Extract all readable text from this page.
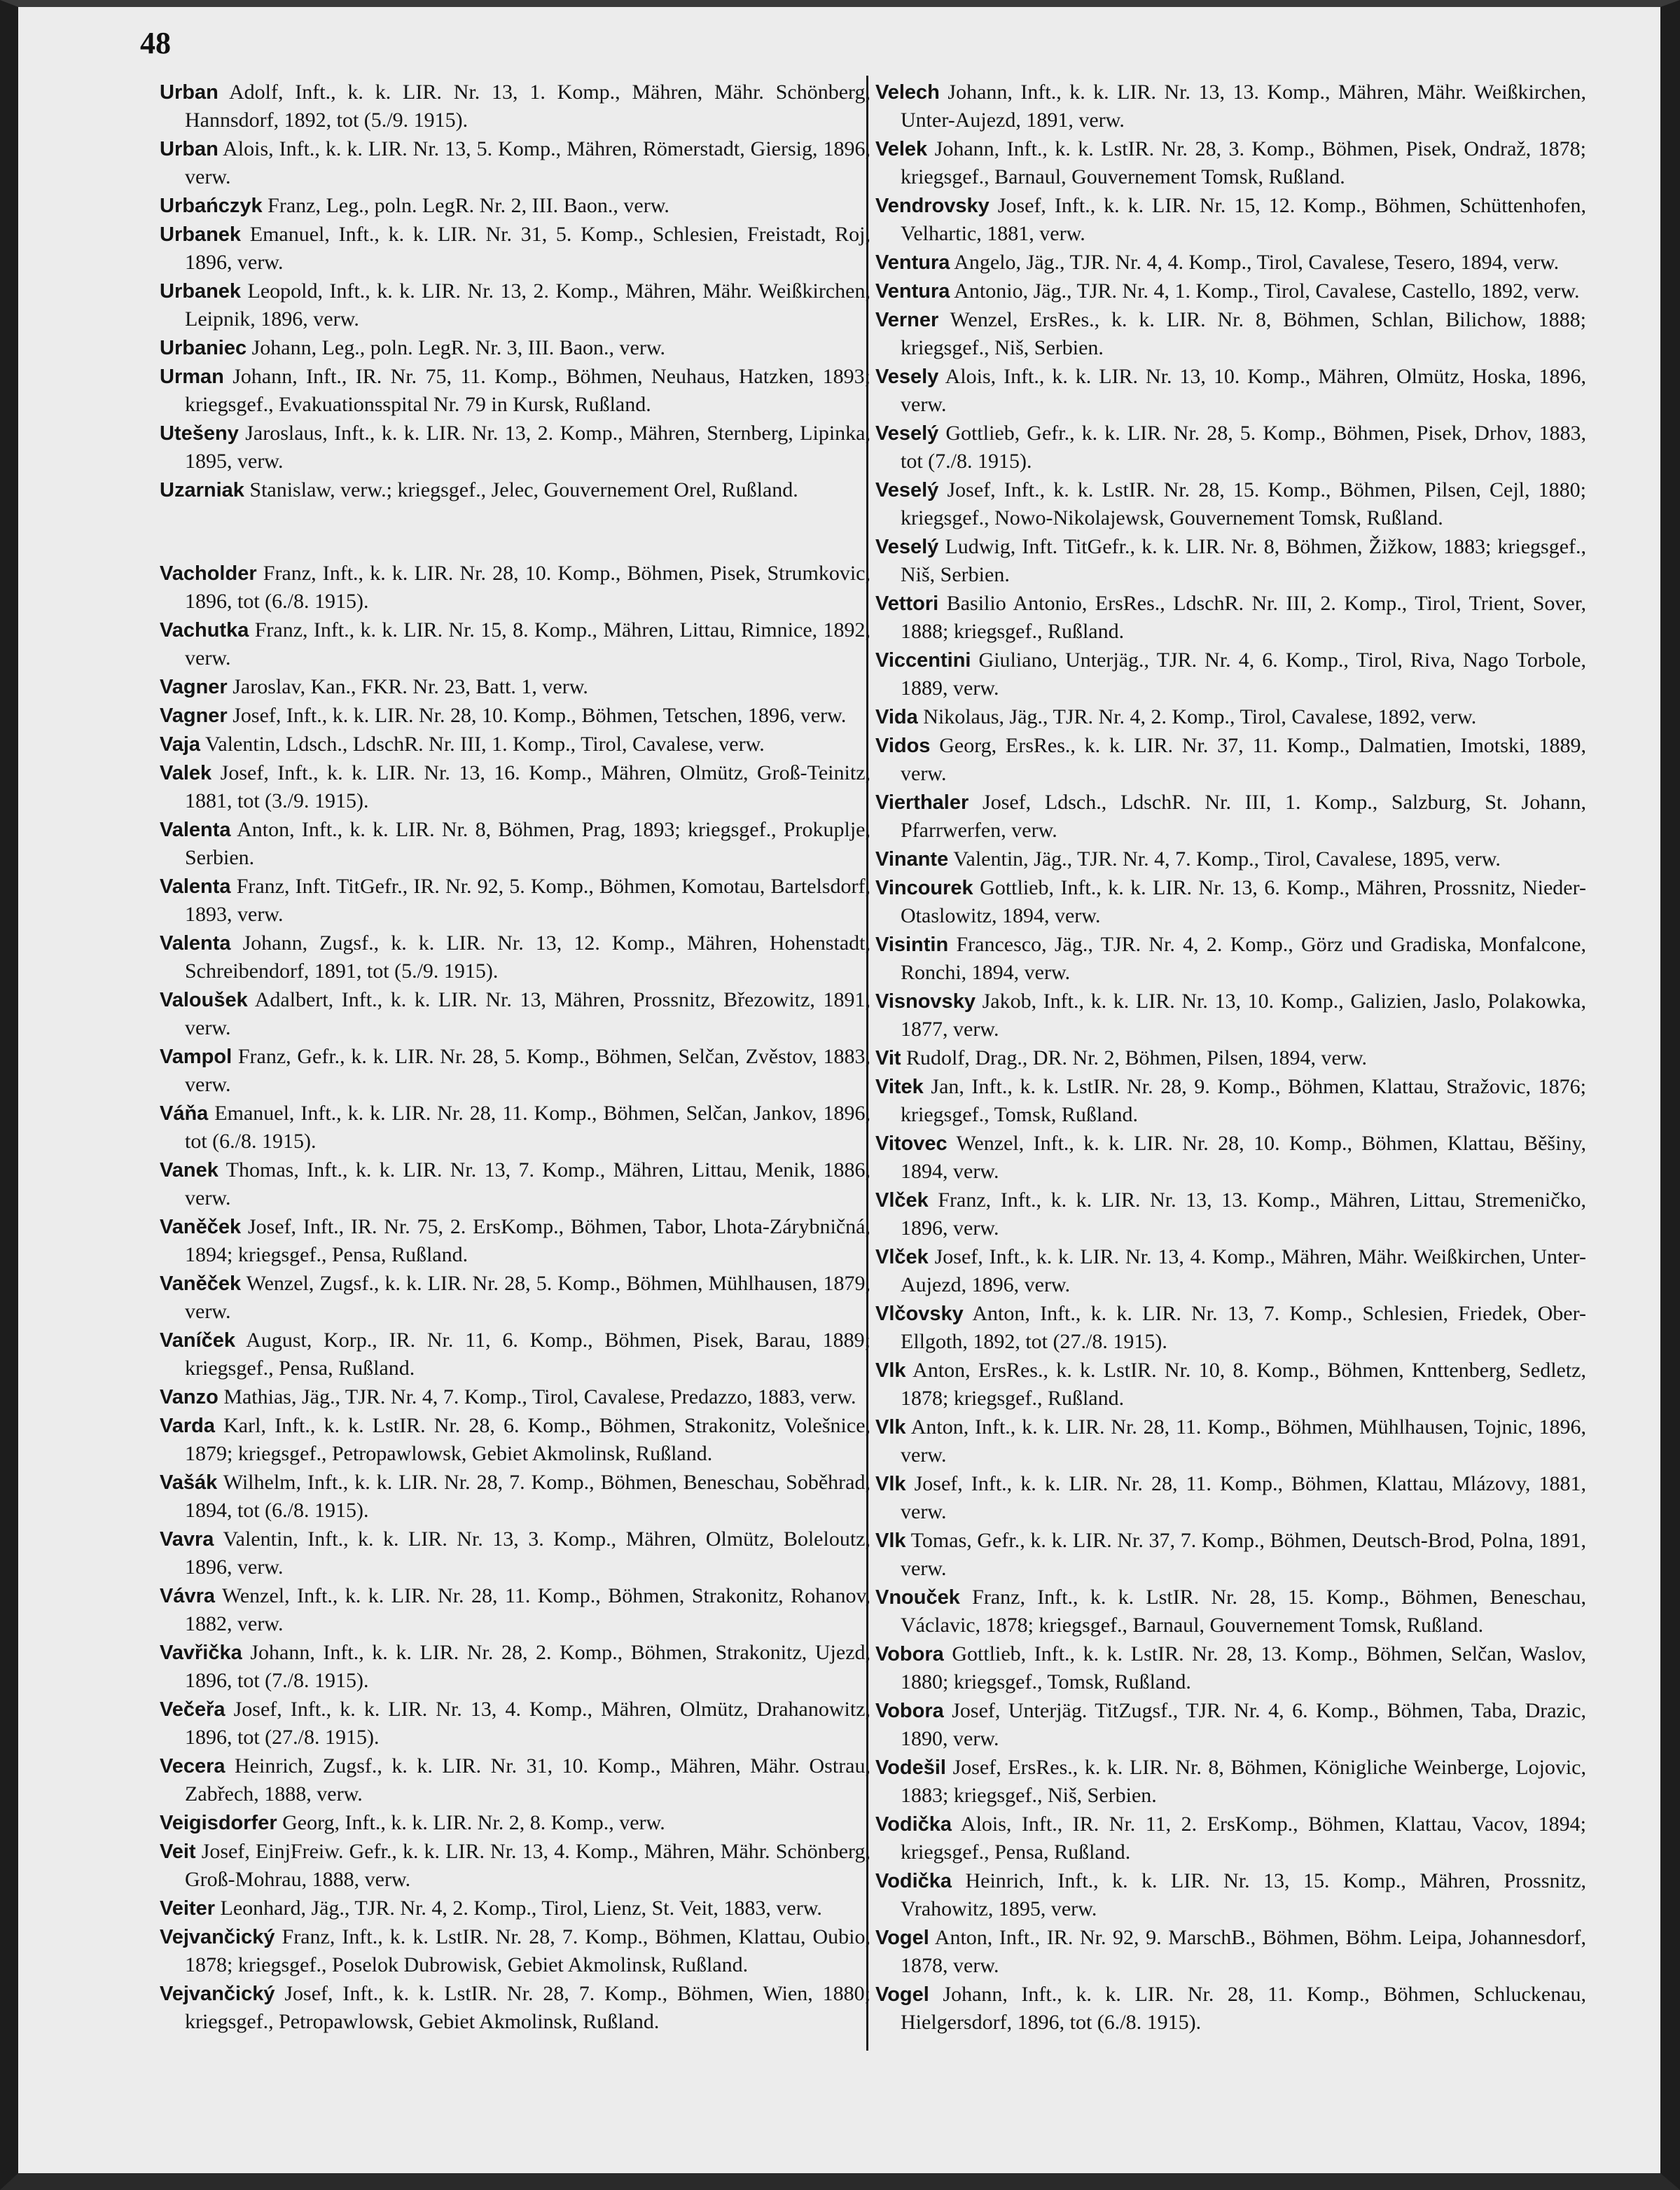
48
Urban Adolf, Inft., k. k. LIR. Nr. 13, 1. Komp., Mähren, Mähr. Schönberg, Hannsdorf, 1892, tot (5./9. 1915).
Urban Alois, Inft., k. k. LIR. Nr. 13, 5. Komp., Mähren, Römerstadt, Giersig, 1896, verw.
Urbańczyk Franz, Leg., poln. LegR. Nr. 2, III. Baon., verw.
Urbanek Emanuel, Inft., k. k. LIR. Nr. 31, 5. Komp., Schlesien, Freistadt, Roj, 1896, verw.
Urbanek Leopold, Inft., k. k. LIR. Nr. 13, 2. Komp., Mähren, Mähr. Weißkirchen, Leipnik, 1896, verw.
Urbaniec Johann, Leg., poln. LegR. Nr. 3, III. Baon., verw.
Urman Johann, Inft., IR. Nr. 75, 11. Komp., Böhmen, Neuhaus, Hatzken, 1893; kriegsgef., Evakuationsspital Nr. 79 in Kursk, Rußland.
Utešeny Jaroslaus, Inft., k. k. LIR. Nr. 13, 2. Komp., Mähren, Sternberg, Lipinka, 1895, verw.
Uzarniak Stanislaw, verw.; kriegsgef., Jelec, Gouvernement Orel, Rußland.
Vacholder Franz, Inft., k. k. LIR. Nr. 28, 10. Komp., Böhmen, Pisek, Strumkovic, 1896, tot (6./8. 1915).
Vachutka Franz, Inft., k. k. LIR. Nr. 15, 8. Komp., Mähren, Littau, Rimnice, 1892, verw.
Vagner Jaroslav, Kan., FKR. Nr. 23, Batt. 1, verw.
Vagner Josef, Inft., k. k. LIR. Nr. 28, 10. Komp., Böhmen, Tetschen, 1896, verw.
Vaja Valentin, Ldsch., LdschR. Nr. III, 1. Komp., Tirol, Cavalese, verw.
Valek Josef, Inft., k. k. LIR. Nr. 13, 16. Komp., Mähren, Olmütz, Groß-Teinitz, 1881, tot (3./9. 1915).
Valenta Anton, Inft., k. k. LIR. Nr. 8, Böhmen, Prag, 1893; kriegsgef., Prokuplje, Serbien.
Valenta Franz, Inft. TitGefr., IR. Nr. 92, 5. Komp., Böhmen, Komotau, Bartelsdorf, 1893, verw.
Valenta Johann, Zugsf., k. k. LIR. Nr. 13, 12. Komp., Mähren, Hohenstadt, Schreibendorf, 1891, tot (5./9. 1915).
Valoušek Adalbert, Inft., k. k. LIR. Nr. 13, Mähren, Prossnitz, Březowitz, 1891, verw.
Vampol Franz, Gefr., k. k. LIR. Nr. 28, 5. Komp., Böhmen, Selčan, Zvěstov, 1883, verw.
Váňa Emanuel, Inft., k. k. LIR. Nr. 28, 11. Komp., Böhmen, Selčan, Jankov, 1896, tot (6./8. 1915).
Vanek Thomas, Inft., k. k. LIR. Nr. 13, 7. Komp., Mähren, Littau, Menik, 1886, verw.
Vaněček Josef, Inft., IR. Nr. 75, 2. ErsKomp., Böhmen, Tabor, Lhota-Zárybničná, 1894; kriegsgef., Pensa, Rußland.
Vaněček Wenzel, Zugsf., k. k. LIR. Nr. 28, 5. Komp., Böhmen, Mühlhausen, 1879, verw.
Vaníček August, Korp., IR. Nr. 11, 6. Komp., Böhmen, Pisek, Barau, 1889; kriegsgef., Pensa, Rußland.
Vanzo Mathias, Jäg., TJR. Nr. 4, 7. Komp., Tirol, Cavalese, Predazzo, 1883, verw.
Varda Karl, Inft., k. k. LstIR. Nr. 28, 6. Komp., Böhmen, Strakonitz, Volešnice, 1879; kriegsgef., Petropawlowsk, Gebiet Akmolinsk, Rußland.
Vašák Wilhelm, Inft., k. k. LIR. Nr. 28, 7. Komp., Böhmen, Beneschau, Soběhrad, 1894, tot (6./8. 1915).
Vavra Valentin, Inft., k. k. LIR. Nr. 13, 3. Komp., Mähren, Olmütz, Boleloutz, 1896, verw.
Vávra Wenzel, Inft., k. k. LIR. Nr. 28, 11. Komp., Böhmen, Strakonitz, Rohanov, 1882, verw.
Vavřička Johann, Inft., k. k. LIR. Nr. 28, 2. Komp., Böhmen, Strakonitz, Ujezd, 1896, tot (7./8. 1915).
Večeřa Josef, Inft., k. k. LIR. Nr. 13, 4. Komp., Mähren, Olmütz, Drahanowitz, 1896, tot (27./8. 1915).
Vecera Heinrich, Zugsf., k. k. LIR. Nr. 31, 10. Komp., Mähren, Mähr. Ostrau, Zabřech, 1888, verw.
Veigisdorfer Georg, Inft., k. k. LIR. Nr. 2, 8. Komp., verw.
Veit Josef, EinjFreiw. Gefr., k. k. LIR. Nr. 13, 4. Komp., Mähren, Mähr. Schönberg, Groß-Mohrau, 1888, verw.
Veiter Leonhard, Jäg., TJR. Nr. 4, 2. Komp., Tirol, Lienz, St. Veit, 1883, verw.
Vejvančický Franz, Inft., k. k. LstIR. Nr. 28, 7. Komp., Böhmen, Klattau, Oubio, 1878; kriegsgef., Poselok Dubrowisk, Gebiet Akmolinsk, Rußland.
Vejvančický Josef, Inft., k. k. LstIR. Nr. 28, 7. Komp., Böhmen, Wien, 1880; kriegsgef., Petropawlowsk, Gebiet Akmolinsk, Rußland.
Velech Johann, Inft., k. k. LIR. Nr. 13, 13. Komp., Mähren, Mähr. Weißkirchen, Unter-Aujezd, 1891, verw.
Velek Johann, Inft., k. k. LstIR. Nr. 28, 3. Komp., Böhmen, Pisek, Ondraž, 1878; kriegsgef., Barnaul, Gouvernement Tomsk, Rußland.
Vendrovsky Josef, Inft., k. k. LIR. Nr. 15, 12. Komp., Böhmen, Schüttenhofen, Velhartic, 1881, verw.
Ventura Angelo, Jäg., TJR. Nr. 4, 4. Komp., Tirol, Cavalese, Tesero, 1894, verw.
Ventura Antonio, Jäg., TJR. Nr. 4, 1. Komp., Tirol, Cavalese, Castello, 1892, verw.
Verner Wenzel, ErsRes., k. k. LIR. Nr. 8, Böhmen, Schlan, Bilichow, 1888; kriegsgef., Niš, Serbien.
Vesely Alois, Inft., k. k. LIR. Nr. 13, 10. Komp., Mähren, Olmütz, Hoska, 1896, verw.
Veselý Gottlieb, Gefr., k. k. LIR. Nr. 28, 5. Komp., Böhmen, Pisek, Drhov, 1883, tot (7./8. 1915).
Veselý Josef, Inft., k. k. LstIR. Nr. 28, 15. Komp., Böhmen, Pilsen, Cejl, 1880; kriegsgef., Nowo-Nikolajewsk, Gouvernement Tomsk, Rußland.
Veselý Ludwig, Inft. TitGefr., k. k. LIR. Nr. 8, Böhmen, Žižkow, 1883; kriegsgef., Niš, Serbien.
Vettori Basilio Antonio, ErsRes., LdschR. Nr. III, 2. Komp., Tirol, Trient, Sover, 1888; kriegsgef., Rußland.
Viccentini Giuliano, Unterjäg., TJR. Nr. 4, 6. Komp., Tirol, Riva, Nago Torbole, 1889, verw.
Vida Nikolaus, Jäg., TJR. Nr. 4, 2. Komp., Tirol, Cavalese, 1892, verw.
Vidos Georg, ErsRes., k. k. LIR. Nr. 37, 11. Komp., Dalmatien, Imotski, 1889, verw.
Vierthaler Josef, Ldsch., LdschR. Nr. III, 1. Komp., Salzburg, St. Johann, Pfarrwerfen, verw.
Vinante Valentin, Jäg., TJR. Nr. 4, 7. Komp., Tirol, Cavalese, 1895, verw.
Vincourek Gottlieb, Inft., k. k. LIR. Nr. 13, 6. Komp., Mähren, Prossnitz, Nieder-Otaslowitz, 1894, verw.
Visintin Francesco, Jäg., TJR. Nr. 4, 2. Komp., Görz und Gradiska, Monfalcone, Ronchi, 1894, verw.
Visnovsky Jakob, Inft., k. k. LIR. Nr. 13, 10. Komp., Galizien, Jaslo, Polakowka, 1877, verw.
Vit Rudolf, Drag., DR. Nr. 2, Böhmen, Pilsen, 1894, verw.
Vitek Jan, Inft., k. k. LstIR. Nr. 28, 9. Komp., Böhmen, Klattau, Stražovic, 1876; kriegsgef., Tomsk, Rußland.
Vitovec Wenzel, Inft., k. k. LIR. Nr. 28, 10. Komp., Böhmen, Klattau, Běšiny, 1894, verw.
Vlček Franz, Inft., k. k. LIR. Nr. 13, 13. Komp., Mähren, Littau, Stremeničko, 1896, verw.
Vlček Josef, Inft., k. k. LIR. Nr. 13, 4. Komp., Mähren, Mähr. Weißkirchen, Unter-Aujezd, 1896, verw.
Vlčovsky Anton, Inft., k. k. LIR. Nr. 13, 7. Komp., Schlesien, Friedek, Ober-Ellgoth, 1892, tot (27./8. 1915).
Vlk Anton, ErsRes., k. k. LstIR. Nr. 10, 8. Komp., Böhmen, Knttenberg, Sedletz, 1878; kriegsgef., Rußland.
Vlk Anton, Inft., k. k. LIR. Nr. 28, 11. Komp., Böhmen, Mühlhausen, Tojnic, 1896, verw.
Vlk Josef, Inft., k. k. LIR. Nr. 28, 11. Komp., Böhmen, Klattau, Mlázovy, 1881, verw.
Vlk Tomas, Gefr., k. k. LIR. Nr. 37, 7. Komp., Böhmen, Deutsch-Brod, Polna, 1891, verw.
Vnouček Franz, Inft., k. k. LstIR. Nr. 28, 15. Komp., Böhmen, Beneschau, Václavic, 1878; kriegsgef., Barnaul, Gouvernement Tomsk, Rußland.
Vobora Gottlieb, Inft., k. k. LstIR. Nr. 28, 13. Komp., Böhmen, Selčan, Waslov, 1880; kriegsgef., Tomsk, Rußland.
Vobora Josef, Unterjäg. TitZugsf., TJR. Nr. 4, 6. Komp., Böhmen, Taba, Drazic, 1890, verw.
Vodešil Josef, ErsRes., k. k. LIR. Nr. 8, Böhmen, Königliche Weinberge, Lojovic, 1883; kriegsgef., Niš, Serbien.
Vodička Alois, Inft., IR. Nr. 11, 2. ErsKomp., Böhmen, Klattau, Vacov, 1894; kriegsgef., Pensa, Rußland.
Vodička Heinrich, Inft., k. k. LIR. Nr. 13, 15. Komp., Mähren, Prossnitz, Vrahowitz, 1895, verw.
Vogel Anton, Inft., IR. Nr. 92, 9. MarschB., Böhmen, Böhm. Leipa, Johannesdorf, 1878, verw.
Vogel Johann, Inft., k. k. LIR. Nr. 28, 11. Komp., Böhmen, Schluckenau, Hielgersdorf, 1896, tot (6./8. 1915).
